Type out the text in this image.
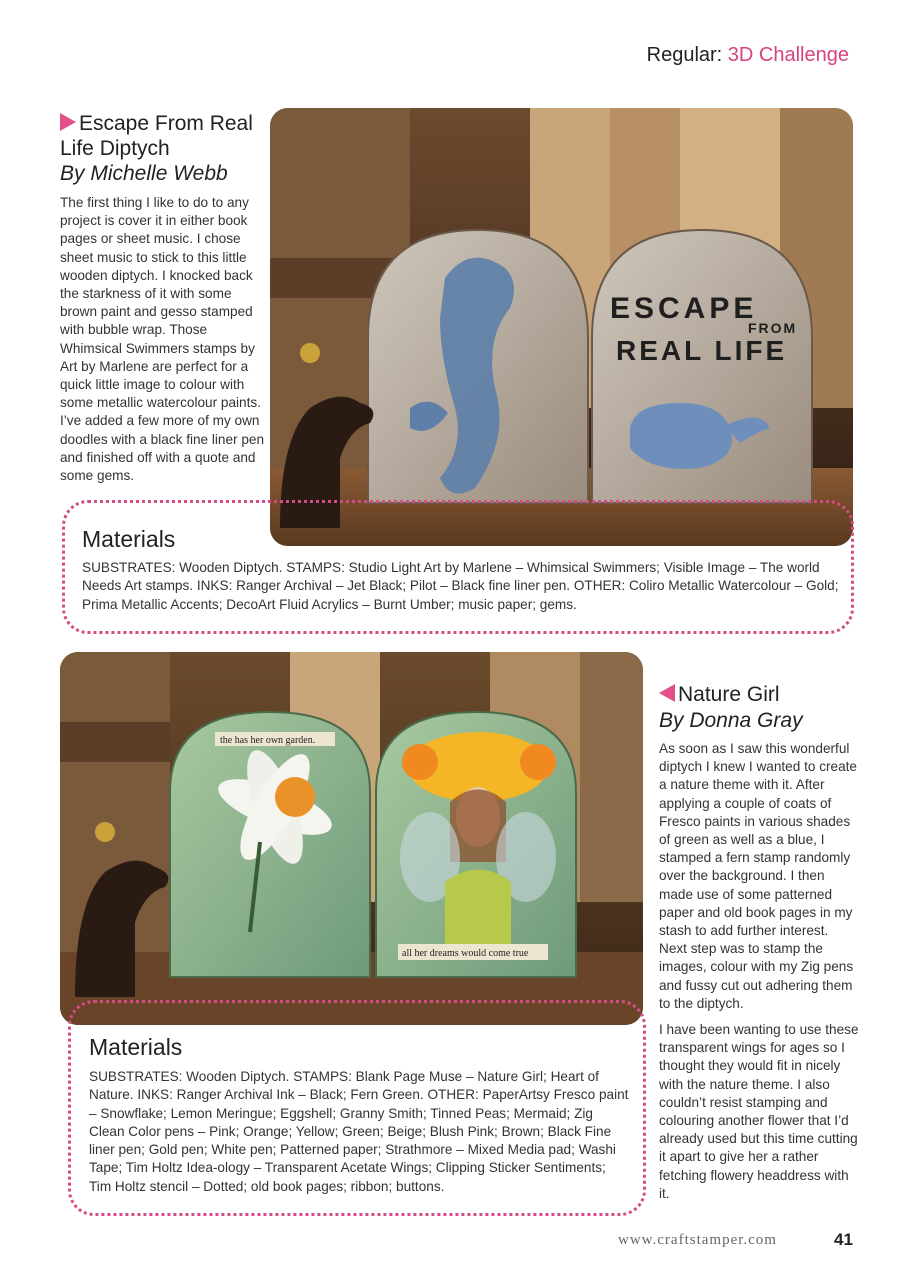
Regular: 3D Challenge
Escape From Real Life Diptych
By Michelle Webb

The first thing I like to do to any project is cover it in either book pages or sheet music. I chose sheet music to stick to this little wooden diptych. I knocked back the starkness of it with some brown paint and gesso stamped with bubble wrap. Those Whimsical Swimmers stamps by Art by Marlene are perfect for a quick little image to colour with some metallic watercolour paints. I’ve added a few more of my own doodles with a black fine liner pen and finished off with a quote and some gems.

ESCAPE
FROM
REAL LIFE
Materials

SUBSTRATES: Wooden Diptych. STAMPS: Studio Light Art by Marlene – Whimsical Swimmers; Visible Image – The world Needs Art stamps. INKS: Ranger Archival – Jet Black; Pilot – Black fine liner pen. OTHER: Coliro Metallic Watercolour – Gold; Prima Metallic Accents; DecoArt Fluid Acrylics – Burnt Umber; music paper; gems.

the has her own garden.
all her dreams would come true
Nature Girl
By Donna Gray

As soon as I saw this wonderful diptych I knew I wanted to create a nature theme with it. After applying a couple of coats of Fresco paints in various shades of green as well as a blue, I stamped a fern stamp randomly over the background. I then made use of some patterned paper and old book pages in my stash to add further interest. Next step was to stamp the images, colour with my Zig pens and fussy cut out adhering them to the diptych.

I have been wanting to use these transparent wings for ages so I thought they would fit in nicely with the nature theme. I also couldn’t resist stamping and colouring another flower that I’d already used but this time cutting it apart to give her a rather fetching flowery headdress with it.

Materials

SUBSTRATES: Wooden Diptych. STAMPS: Blank Page Muse – Nature Girl; Heart of Nature. INKS: Ranger Archival Ink – Black; Fern Green. OTHER: PaperArtsy Fresco paint – Snowflake; Lemon Meringue; Eggshell; Granny Smith; Tinned Peas; Mermaid; Zig Clean Color pens – Pink; Orange; Yellow; Green; Beige; Blush Pink; Brown; Black Fine liner pen; Gold pen; White pen; Patterned paper; Strathmore – Mixed Media pad; Washi Tape; Tim Holtz Idea-ology – Transparent Acetate Wings; Clipping Sticker Sentiments; Tim Holtz stencil – Dotted; old book pages; ribbon; buttons.

www.craftstamper.com	41
